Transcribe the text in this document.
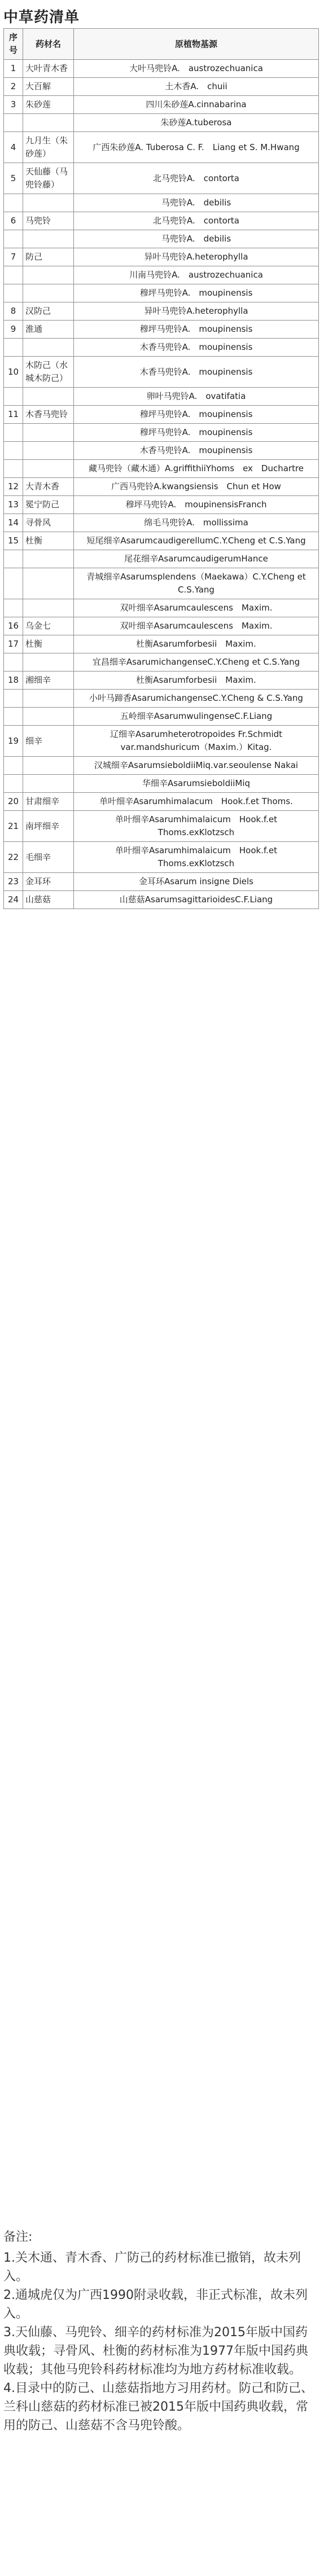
中草药清单
序号	药材名	原植物基源
1	大叶青木香	大叶马兜铃A.　austrozechuanica
2	大百解	土木香A.　chuii
3	朱砂莲	四川朱砂莲A.cinnabarina
		朱砂莲A.tuberosa
4	九月生（朱砂莲）	广西朱砂莲A. Tuberosa C. F.　Liang et S. M.Hwang
5	天仙藤（马兜铃藤）	北马兜铃A.　contorta
		马兜铃A.　debilis
6	马兜铃	北马兜铃A.　contorta
		马兜铃A.　debilis
7	防己	异叶马兜铃A.heterophylla
		川南马兜铃A.　austrozechuanica
		穆坪马兜铃A.　moupinensis
8	汉防己	异叶马兜铃A.heterophylla
9	淮通	穆坪马兜铃A.　moupinensis
		木香马兜铃A.　moupinensis
10	木防己（水城木防己）	木香马兜铃A.　moupinensis
		卵叶马兜铃A.　ovatifatia
11	木香马兜铃	穆坪马兜铃A.　moupinensis
		穆坪马兜铃A.　moupinensis
		木香马兜铃A.　moupinensis
		藏马兜铃（藏木通）A.griffithiiYhoms　ex　Duchartre
12	大青木香	广西马兜铃A.kwangsiensis　Chun et How
13	冕宁防己	穆坪马兜铃A.　moupinensisFranch
14	寻骨风	绵毛马兜铃A.　mollissima
15	杜衡	短尾细辛AsarumcaudigerellumC.Y.Cheng et C.S.Yang
		尾花细辛AsarumcaudigerumHance
		青城细辛Asarumsplendens（Maekawa）C.Y.Cheng et C.S.Yang
		双叶细辛Asarumcaulescens　Maxim.
16	乌金七	双叶细辛Asarumcaulescens　Maxim.
17	杜衡	杜衡Asarumforbesii　Maxim.
		宜昌细辛AsarumichangenseC.Y.Cheng et C.S.Yang
18	湘细辛	杜衡Asarumforbesii　Maxim.
		小叶马蹄香AsarumichangenseC.Y.Cheng & C.S.Yang
		五岭细辛AsarumwulingenseC.F.Liang
19	细辛	辽细辛Asarumheterotropoides Fr.Schmidt var.mandshuricum（Maxim.）Kitag.
		汉城细辛AsarumsieboldiiMiq.var.seoulense Nakai
		华细辛AsarumsieboldiiMiq
20	甘肃细辛	单叶细辛Asarumhimalacum　Hook.f.et Thoms.
21	南坪细辛	单叶细辛Asarumhimalaicum　Hook.f.et Thoms.exKlotzsch
22	毛细辛	单叶细辛Asarumhimalaicum　Hook.f.et Thoms.exKlotzsch
23	金耳环	金耳环Asarum insigne Diels
24	山慈菇	山慈菇AsarumsagittarioidesC.F.Liang

备注:

1.关木通、青木香、广防己的药材标准已撤销，故未列入。

2.通城虎仅为广西1990附录收载，非正式标准，故未列入。

3.天仙藤、马兜铃、细辛的药材标准为2015年版中国药典收载；寻骨风、杜衡的药材标准为1977年版中国药典收载；其他马兜铃科药材标准均为地方药材标准收载。

4.目录中的防己、山慈菇指地方习用药材。防己和防己、兰科山慈菇的药材标准已被2015年版中国药典收载，常用的防己、山慈菇不含马兜铃酸。
